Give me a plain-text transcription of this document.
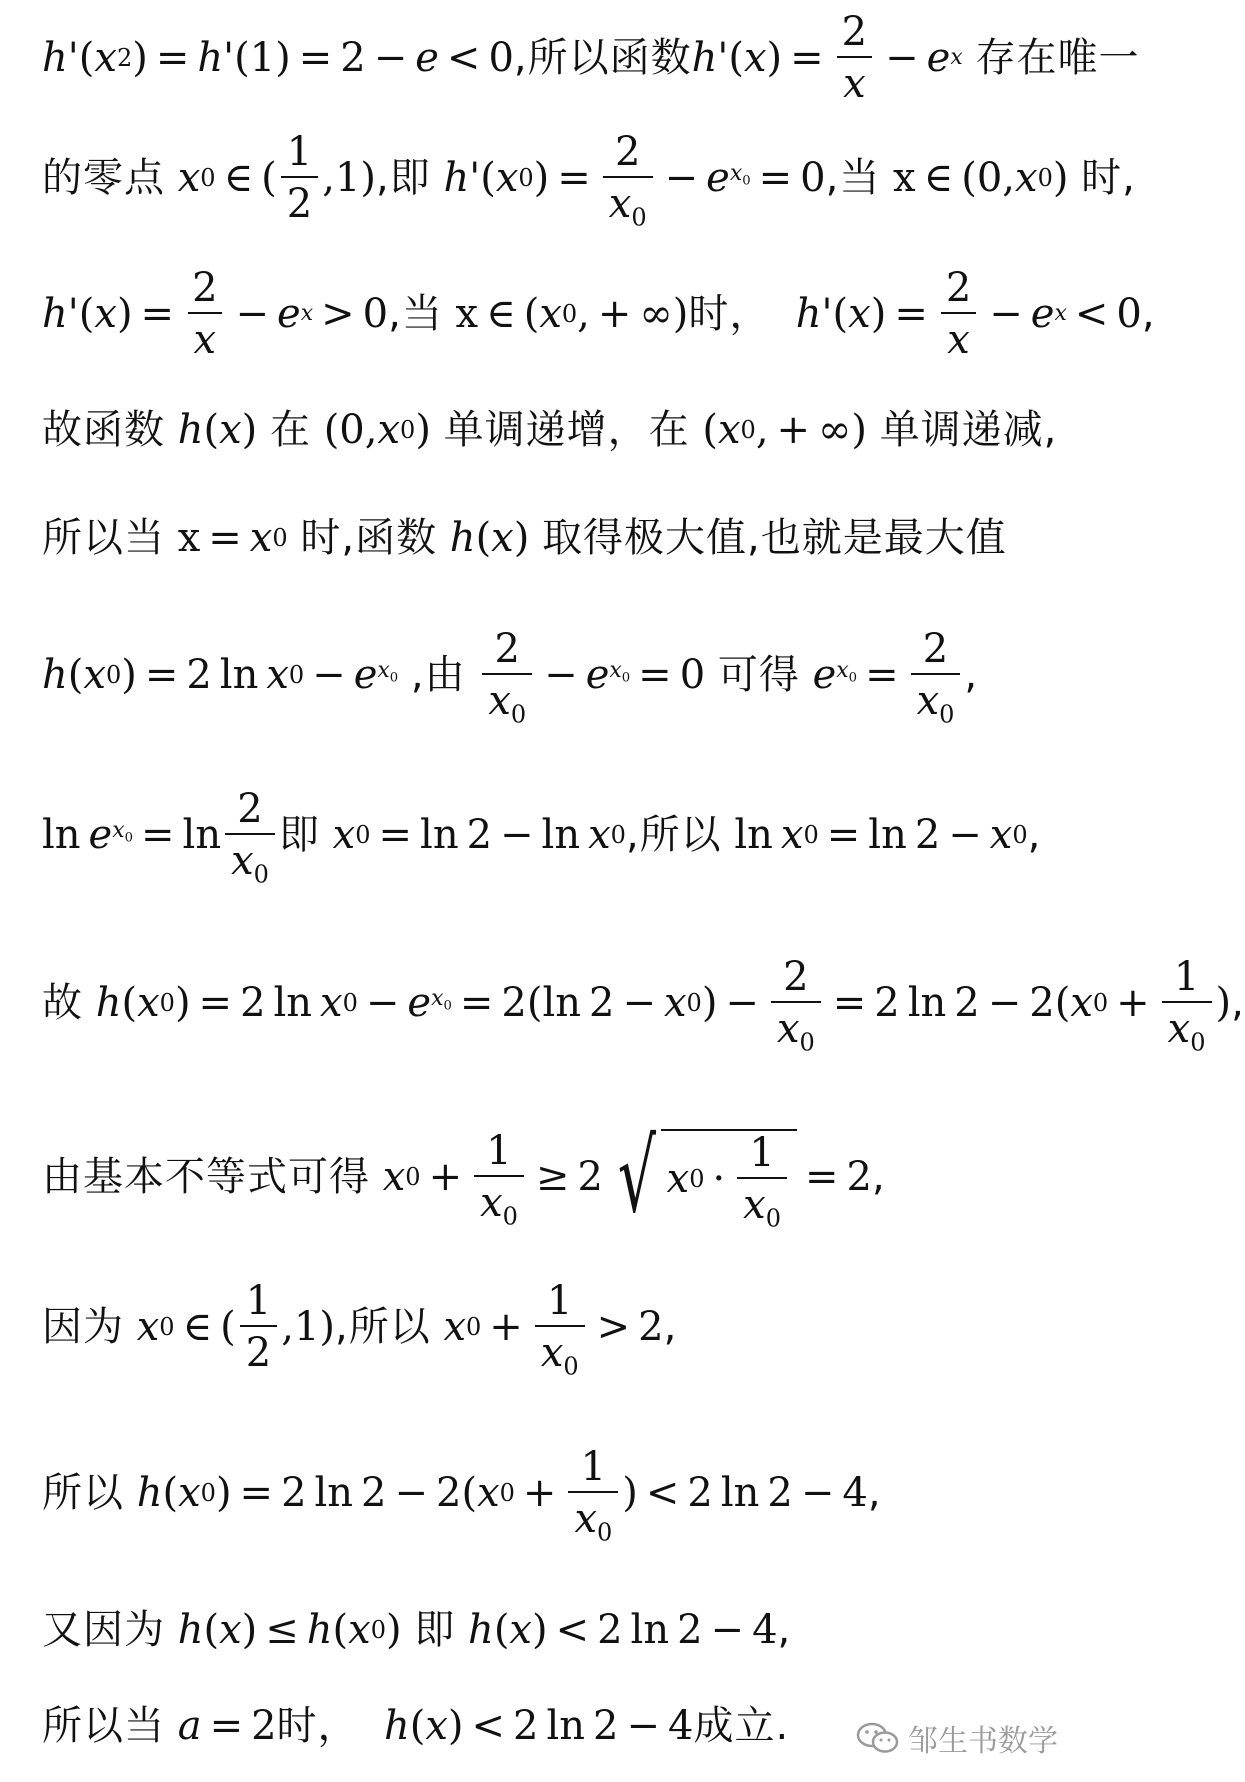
h '( x 2 ) = h '(1) = 2 − e < 0 ,所以函数 h '( x ) = $\frac{2}{x} - e$ x
存在唯一
的零点
x 0 ∈ ( $\frac{1}{2} ,1$) , 即
h '( x 0 ) = $\frac{2}{x_0} - e$ $x_0 = 0$ , 当 x ∈ (0, x 0 ) 时 ,
h '( x ) = $\frac{2}{x} - e$ x > 0 , 当 x ∈ ( x 0 , + ∞) 时，
h '( x ) = $\frac{2}{x} - e$ x < 0 ,
故函数
h ( x ) 在 (0, x 0 ) 单调递增，在 ( x 0 , + ∞) 单调递减,
所以当 x = x 0
时,函数
h ( x ) 取得极大值,也就是最大值
h ( x 0 ) = 2 ln  x 0 − e $x_0$
,由
$\frac{2}{x_0} - e$ $x_0 = 0$ 可得
e $x_0 = \frac{2}{x_0}$ ,
ln  e $x_0 = \ln \frac{2}{x_0}$ 即
x 0 = ln 2 − ln  x 0 ,所以 ln  x 0 = ln 2 − x 0 ,
故
h ( x 0 ) = 2 ln  x 0 − e $x_0 = 2(\ln$ 2 − x 0 ) − $\frac{2}{x_0} = 2$ ln 2 − 2( x $0 + \frac{1}{x_0}$ ) ,
由基本不等式可得
x $0 + \frac{1}{x_0} \ge 2$ √ x $0 \cdot \frac{1}{x_0} = 2$ ,
因为
x 0 ∈ ( $\frac{1}{2} ,1$) ,所以
x $0 + \frac{1}{x_0} > 2$ ,
所以
h ( x 0 ) = 2 ln 2 − 2( x $0 + \frac{1}{x_0}$ ) < 2 ln 2 − 4 ,
又因为
h ( x ) ≤ h ( x 0 ) 即
h ( x ) < 2 ln 2 − 4 ,
所以当
a = 2 时，
h ( x ) < 2 ln 2 − 4 成立.	邹生书数学
